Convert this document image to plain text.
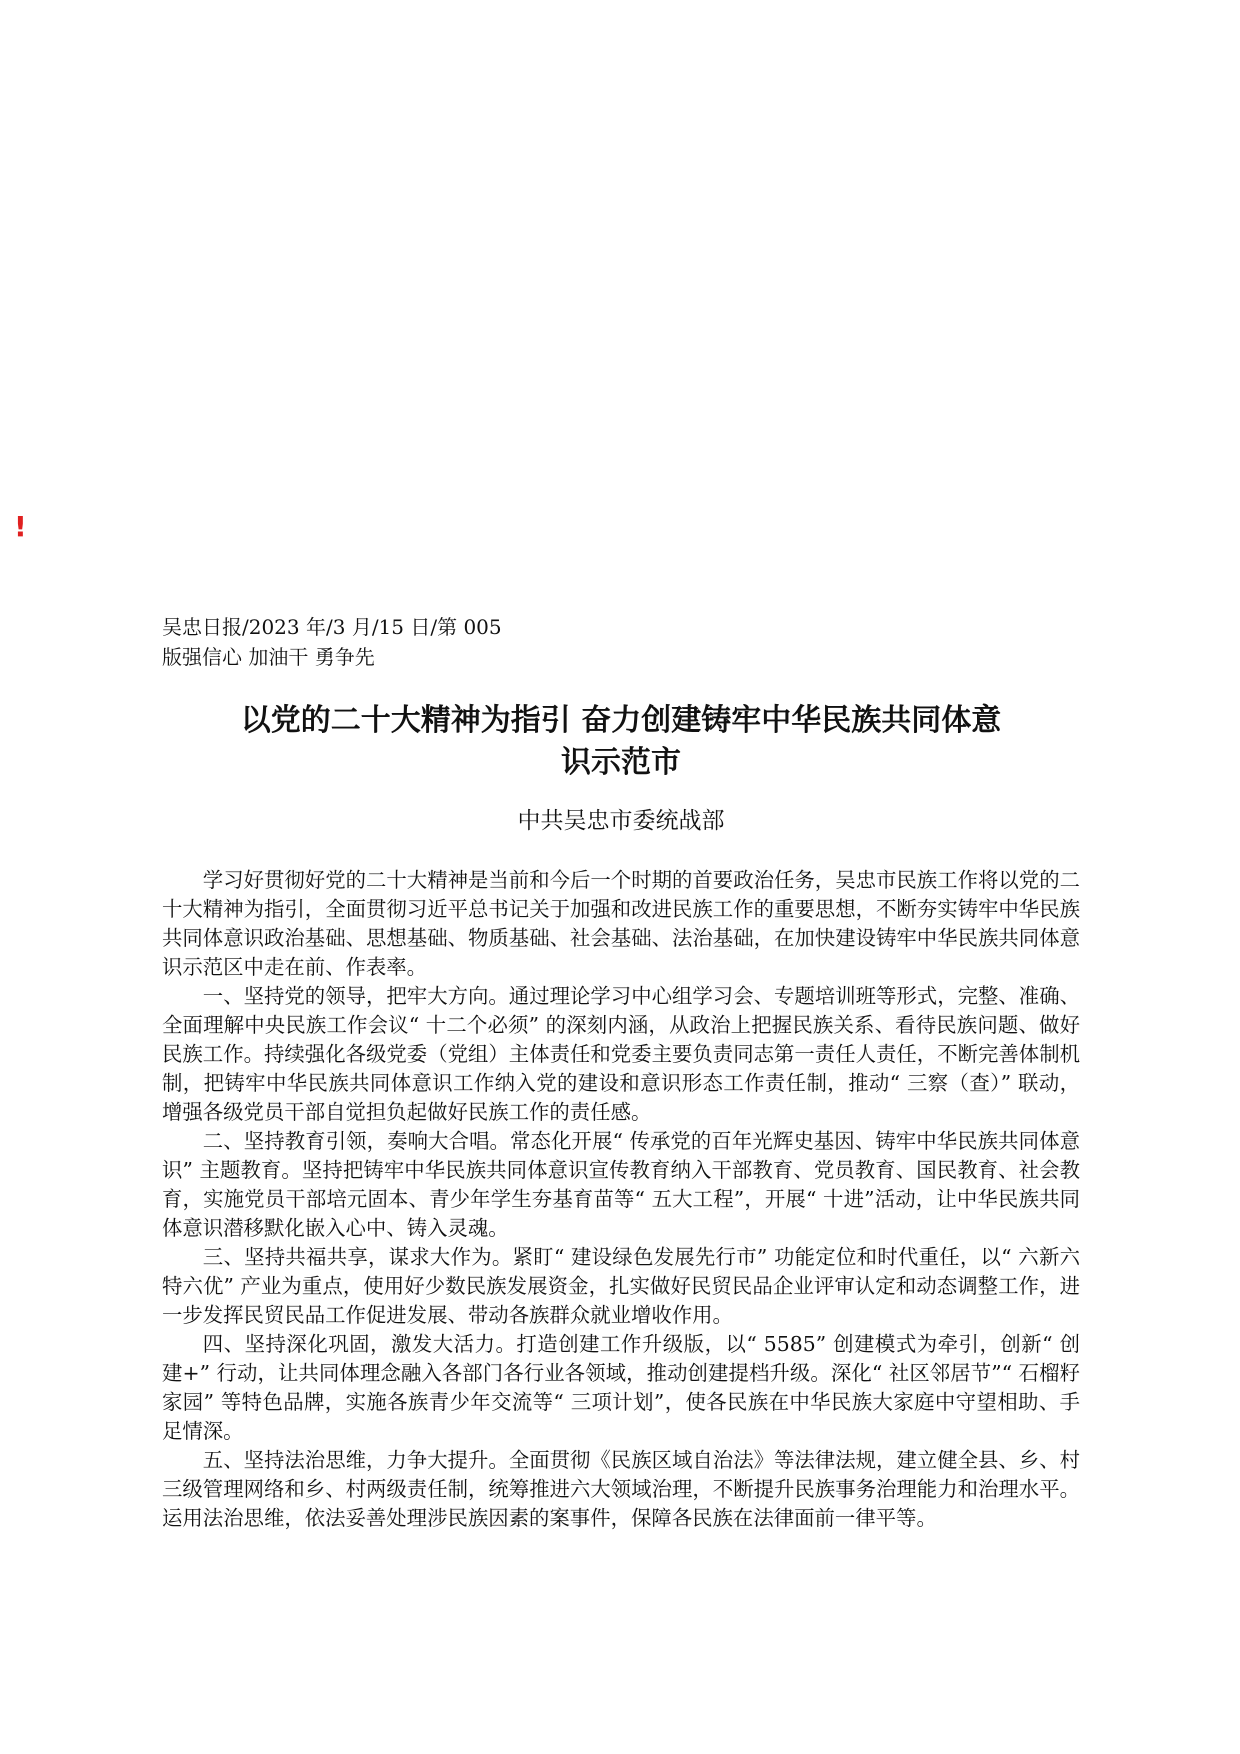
!
吴忠日报/2023 年/3 月/15 日/第 005
版强信心 加油干 勇争先
以党的二十大精神为指引 奋力创建铸牢中华民族共同体意
识示范市
中共吴忠市委统战部

学习好贯彻好党的二十大精神是当前和今后一个时期的首要政治任务，吴忠市民族工作将以党的二十大精神为指引，全面贯彻习近平总书记关于加强和改进民族工作的重要思想，不断夯实铸牢中华民族共同体意识政治基础、思想基础、物质基础、社会基础、法治基础，在加快建设铸牢中华民族共同体意识示范区中走在前、作表率。

一、坚持党的领导，把牢大方向。通过理论学习中心组学习会、专题培训班等形式，完整、准确、全面理解中央民族工作会议“ 十二个必须” 的深刻内涵，从政治上把握民族关系、看待民族问题、做好民族工作。持续强化各级党委（党组）主体责任和党委主要负责同志第一责任人责任，不断完善体制机制，把铸牢中华民族共同体意识工作纳入党的建设和意识形态工作责任制，推动“ 三察（查）” 联动，增强各级党员干部自觉担负起做好民族工作的责任感。

二、坚持教育引领，奏响大合唱。常态化开展“ 传承党的百年光辉史基因、铸牢中华民族共同体意识” 主题教育。坚持把铸牢中华民族共同体意识宣传教育纳入干部教育、党员教育、国民教育、社会教育，实施党员干部培元固本、青少年学生夯基育苗等“ 五大工程”，开展“ 十进”活动，让中华民族共同体意识潜移默化嵌入心中、铸入灵魂。

三、坚持共福共享，谋求大作为。紧盯“ 建设绿色发展先行市” 功能定位和时代重任，以“ 六新六特六优” 产业为重点，使用好少数民族发展资金，扎实做好民贸民品企业评审认定和动态调整工作，进一步发挥民贸民品工作促进发展、带动各族群众就业增收作用。

四、坚持深化巩固，激发大活力。打造创建工作升级版，以“ 5585” 创建模式为牵引，创新“ 创建+” 行动，让共同体理念融入各部门各行业各领域，推动创建提档升级。深化“ 社区邻居节”“ 石榴籽家园” 等特色品牌，实施各族青少年交流等“ 三项计划”，使各民族在中华民族大家庭中守望相助、手足情深。

五、坚持法治思维，力争大提升。全面贯彻《民族区域自治法》等法律法规，建立健全县、乡、村三级管理网络和乡、村两级责任制，统筹推进六大领域治理，不断提升民族事务治理能力和治理水平。运用法治思维，依法妥善处理涉民族因素的案事件，保障各民族在法律面前一律平等。
